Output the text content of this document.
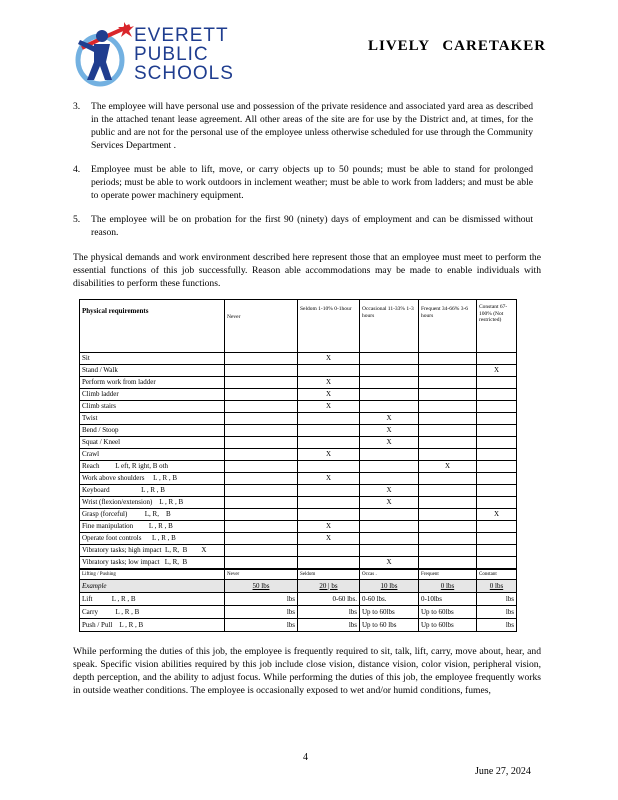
EVERETT
PUBLIC
SCHOOLS
LIVELY CARETAKER
3. The employee will have personal use and possession of the private residence and associated yard area as described in the attached tenant lease agreement. All other areas of the site are for use by the District and, at times, for the public and are not for the personal use of the employee unless otherwise scheduled for use through the Community Services Department .
4. Employee must be able to lift, move, or carry objects up to 50 pounds; must be able to stand for prolonged periods; must be able to work outdoors in inclement weather; must be able to work from ladders; and must be able to operate power machinery equipment.
5. The employee will be on probation for the first 90 (ninety) days of employment and can be dismissed without reason.
The physical demands and work environment described here represent those that an employee must meet to perform the essential functions of this job successfully. Reason able accommodations may be made to enable individuals with disabilities to perform these functions.
Physical requirements	Never	Seldom 1-10% 0-1hour	Occasional 11-33% 1-3 hours	Frequent 34-66% 3-6 hours	Constant 67-100% (Not restricted)
Sit		X			
Stand / Walk					X
Perform work from ladder		X			
Climb ladder		X			
Climb stairs		X			
Twist			X		
Bend / Stoop			X		
Squat / Kneel			X		
Crawl		X			
Reach         L eft, R ight, B oth				X	
Work above shoulders     L , R , B		X			
Keyboard                  L , R , B			X		
Wrist (flexion/extension)    L , R , B			X		
Grasp (forceful)          L, R,    B					X
Fine manipulation         L , R , B		X			
Operate foot controls      L , R , B		X			
Vibratory tasks; high impact  L, R,  B        X					
Vibratory tasks; low impact   L, R,  B			X		
Lifting / Pushing	Never	Seldom	Occas .	Frequent	Constant
Example	50 lbs	20 | bs	10 lbs	0 lbs	0 lbs
Lift           L , R , B	lbs	0-60 lbs.	0-60 lbs.	0-10lbs	lbs
Carry          L , R , B	lbs	lbs	Up to 60lbs	Up to 60lbs	lbs
Push / Pull    L , R , B	lbs	lbs	Up to 60 lbs	Up to 60lbs	lbs
While performing the duties of this job, the employee is frequently required to sit, talk, lift, carry, move about, hear, and speak. Specific vision abilities required by this job include close vision, distance vision, color vision, peripheral vision, depth perception, and the ability to adjust focus. While performing the duties of this job, the employee frequently works in outside weather conditions. The employee is occasionally exposed to wet and/or humid conditions, fumes,
4
June 27, 2024
